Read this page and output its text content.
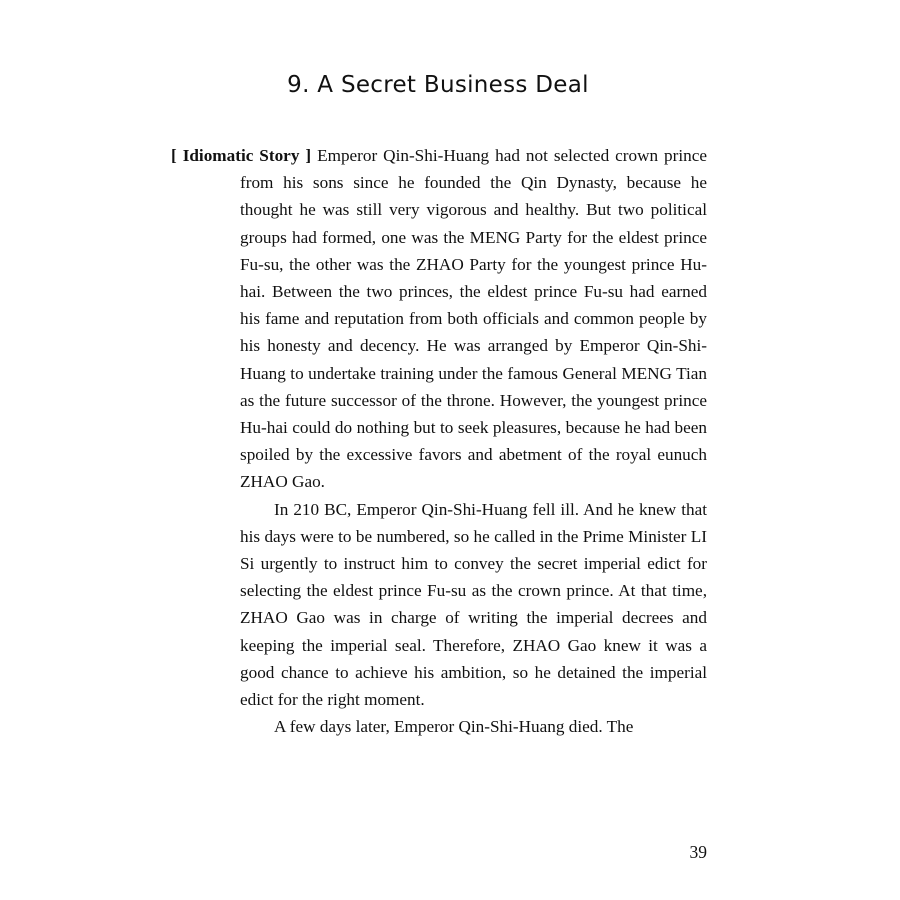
9. A Secret Business Deal

[ Idiomatic Story ] Emperor Qin-Shi-Huang had not selected crown prince from his sons since he founded the Qin Dynasty, because he thought he was still very vigorous and healthy. But two political groups had formed, one was the MENG Party for the eldest prince Fu-su, the other was the ZHAO Party for the youngest prince Hu-hai. Between the two princes, the eldest prince Fu-su had earned his fame and reputation from both officials and common people by his honesty and decency. He was arranged by Emperor Qin-Shi-Huang to undertake training under the famous General MENG Tian as the future successor of the throne. However, the youngest prince Hu-hai could do nothing but to seek pleasures, because he had been spoiled by the excessive favors and abetment of the royal eunuch ZHAO Gao.

In 210 BC, Emperor Qin-Shi-Huang fell ill. And he knew that his days were to be numbered, so he called in the Prime Minister LI Si urgently to instruct him to convey the secret imperial edict for selecting the eldest prince Fu-su as the crown prince. At that time, ZHAO Gao was in charge of writing the imperial decrees and keeping the imperial seal. Therefore, ZHAO Gao knew it was a good chance to achieve his ambition, so he detained the imperial edict for the right moment.

A few days later, Emperor Qin-Shi-Huang died. The

39
